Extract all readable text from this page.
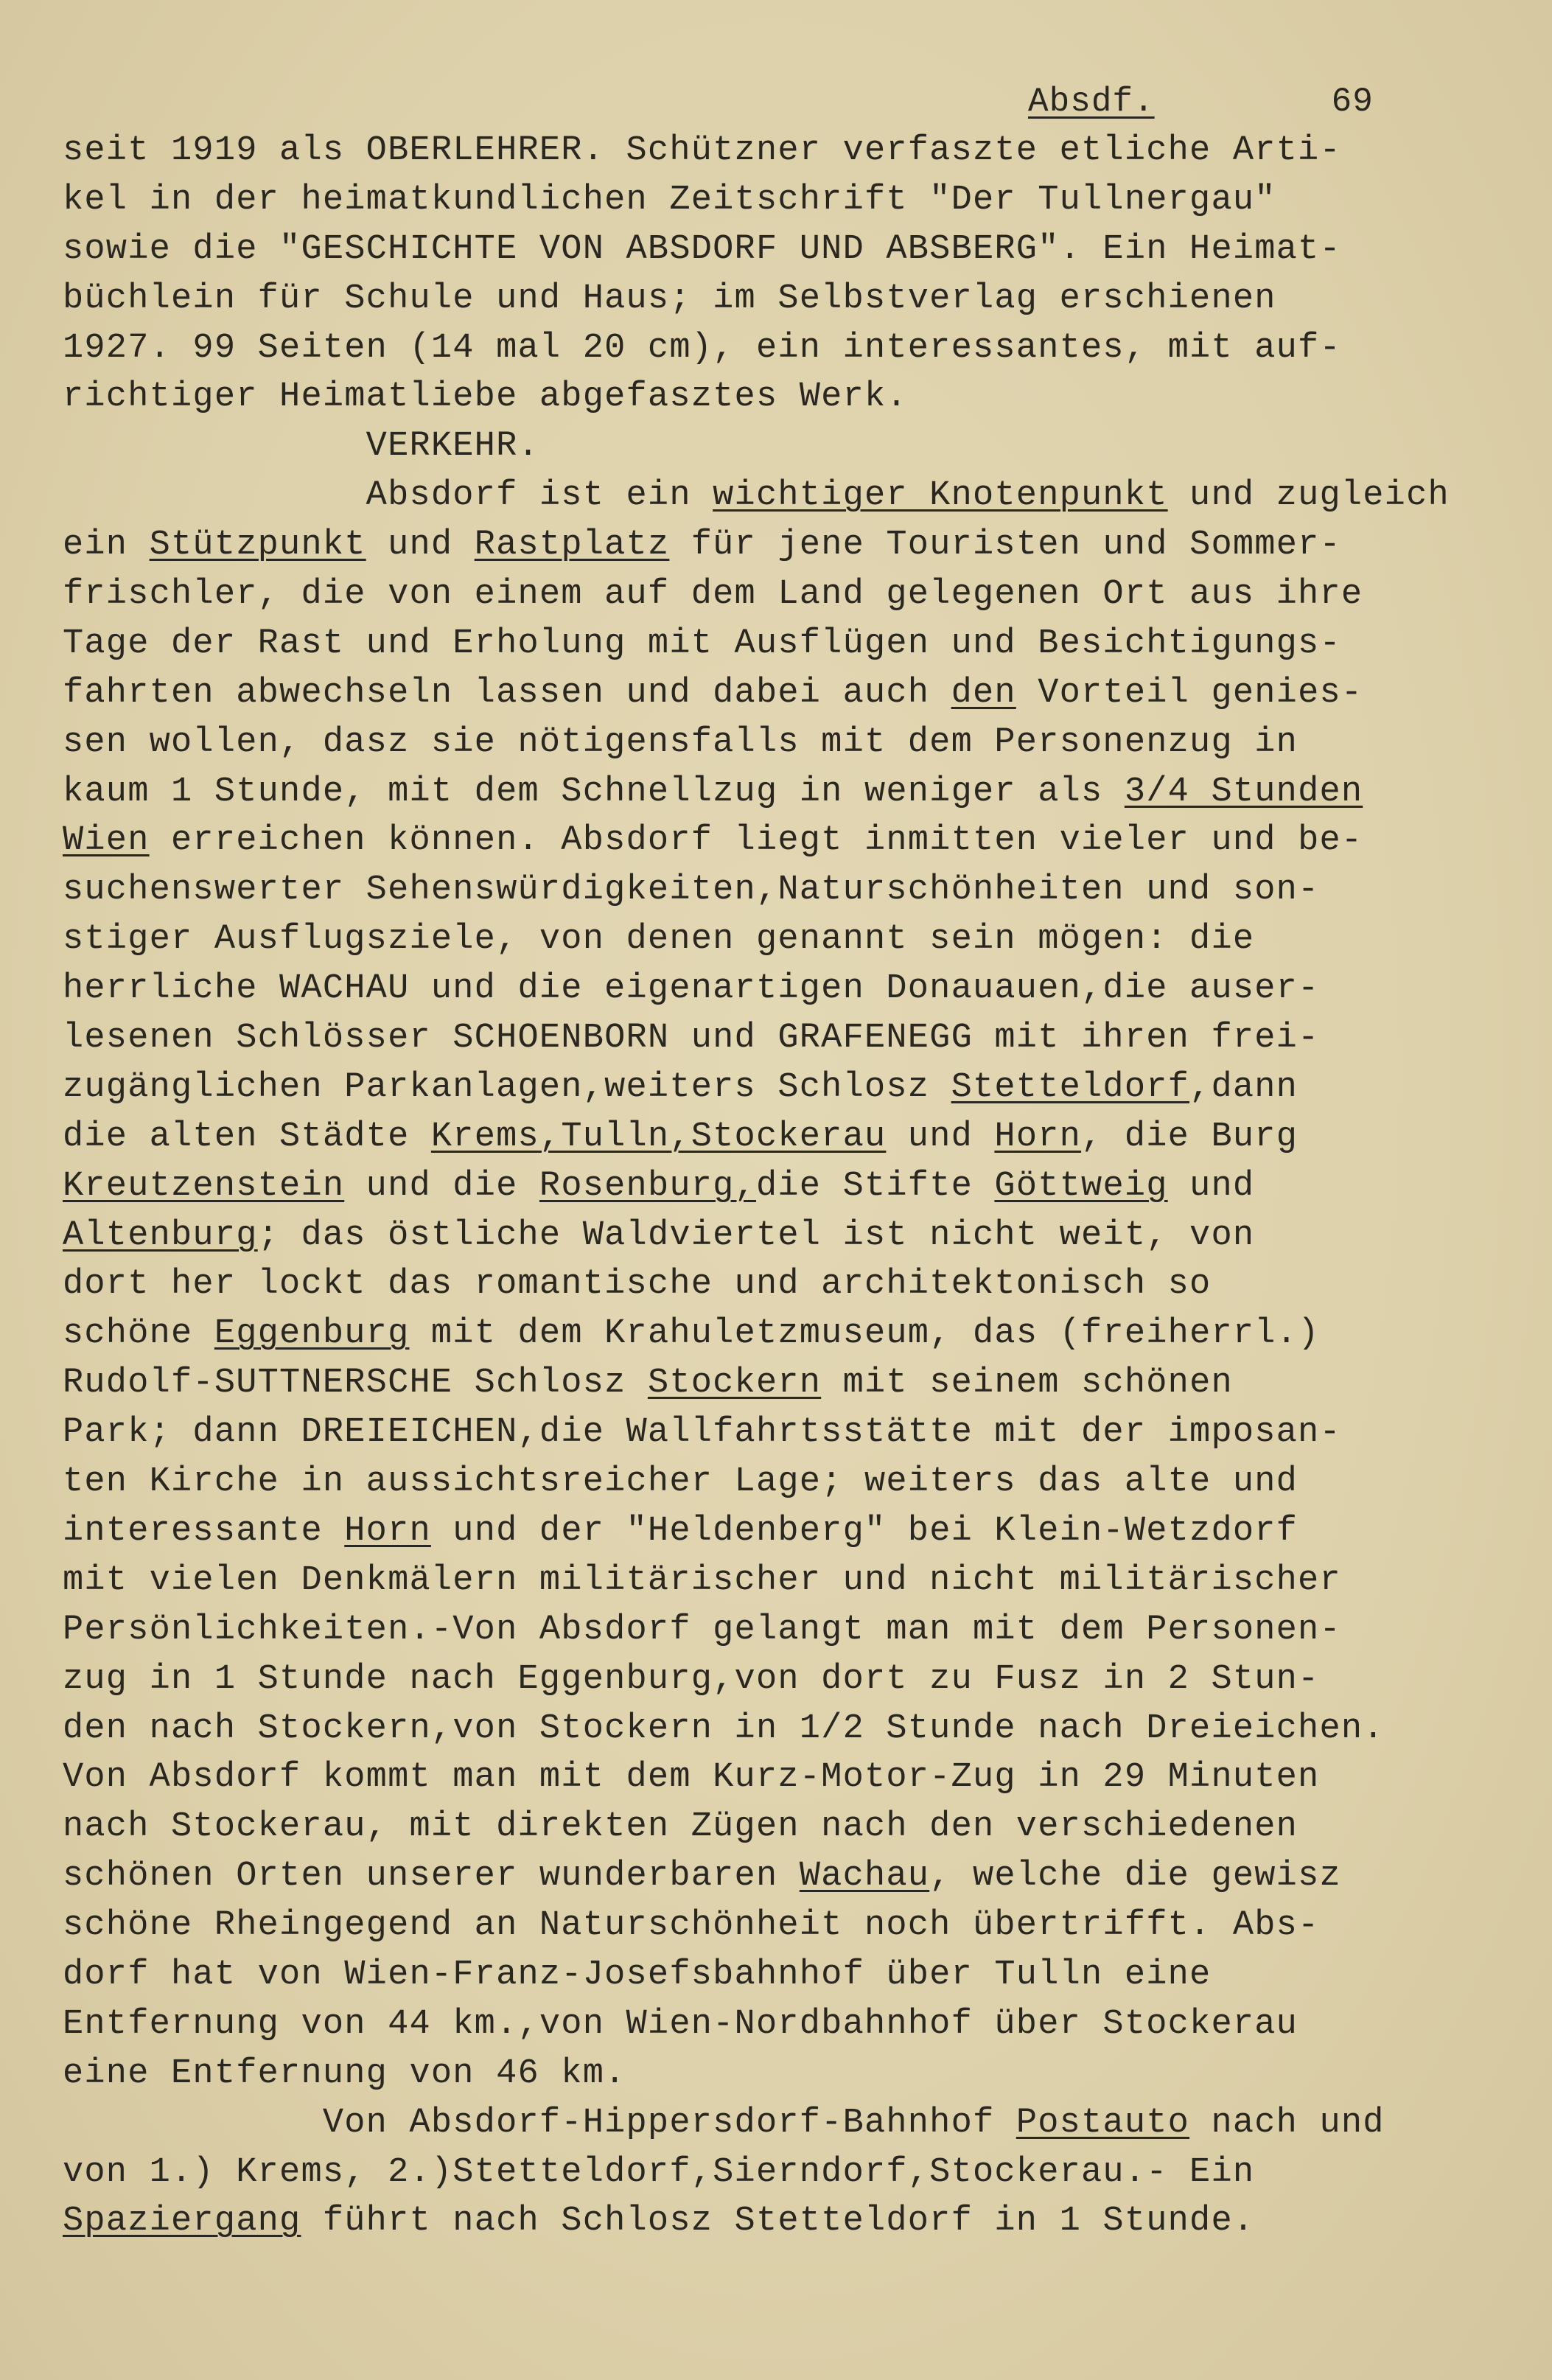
Absdf.	69
seit 1919 als OBERLEHRER. Schützner verfaszte etliche Arti-
kel in der heimatkundlichen Zeitschrift "Der Tullnergau"
sowie die "GESCHICHTE VON ABSDORF UND ABSBERG". Ein Heimat-
büchlein für Schule und Haus; im Selbstverlag erschienen
1927. 99 Seiten (14 mal 20 cm), ein interessantes, mit auf-
richtiger Heimatliebe abgefasztes Werk.
VERKEHR.
Absdorf ist ein wichtiger Knotenpunkt und zugleich
ein Stützpunkt und Rastplatz für jene Touristen und Sommer-
frischler, die von einem auf dem Land gelegenen Ort aus ihre
Tage der Rast und Erholung mit Ausflügen und Besichtigungs-
fahrten abwechseln lassen und dabei auch den Vorteil genies-
sen wollen, dasz sie nötigensfalls mit dem Personenzug in
kaum 1 Stunde, mit dem Schnellzug in weniger als 3/4 Stunden
Wien erreichen können. Absdorf liegt inmitten vieler und be-
suchenswerter Sehenswürdigkeiten,Naturschönheiten und son-
stiger Ausflugsziele, von denen genannt sein mögen: die
herrliche WACHAU und die eigenartigen Donauauen,die auser-
lesenen Schlösser SCHOENBORN und GRAFENEGG mit ihren frei-
zugänglichen Parkanlagen,weiters Schlosz Stetteldorf,dann
die alten Städte Krems,Tulln,Stockerau und Horn, die Burg
Kreutzenstein und die Rosenburg,die Stifte Göttweig und
Altenburg; das östliche Waldviertel ist nicht weit, von
dort her lockt das romantische und architektonisch so
schöne Eggenburg mit dem Krahuletzmuseum, das (freiherrl.)
Rudolf-SUTTNERSCHE Schlosz Stockern mit seinem schönen
Park; dann DREIEICHEN,die Wallfahrtsstätte mit der imposan-
ten Kirche in aussichtsreicher Lage; weiters das alte und
interessante Horn und der "Heldenberg" bei Klein-Wetzdorf
mit vielen Denkmälern militärischer und nicht militärischer
Persönlichkeiten.-Von Absdorf gelangt man mit dem Personen-
zug in 1 Stunde nach Eggenburg,von dort zu Fusz in 2 Stun-
den nach Stockern,von Stockern in 1/2 Stunde nach Dreieichen.
Von Absdorf kommt man mit dem Kurz-Motor-Zug in 29 Minuten
nach Stockerau, mit direkten Zügen nach den verschiedenen
schönen Orten unserer wunderbaren Wachau, welche die gewisz
schöne Rheingegend an Naturschönheit noch übertrifft. Abs-
dorf hat von Wien-Franz-Josefsbahnhof über Tulln eine
Entfernung von 44 km.,von Wien-Nordbahnhof über Stockerau
eine Entfernung von 46 km.
Von Absdorf-Hippersdorf-Bahnhof Postauto nach und
von 1.) Krems, 2.)Stetteldorf,Sierndorf,Stockerau.- Ein
Spaziergang führt nach Schlosz Stetteldorf in 1 Stunde.
